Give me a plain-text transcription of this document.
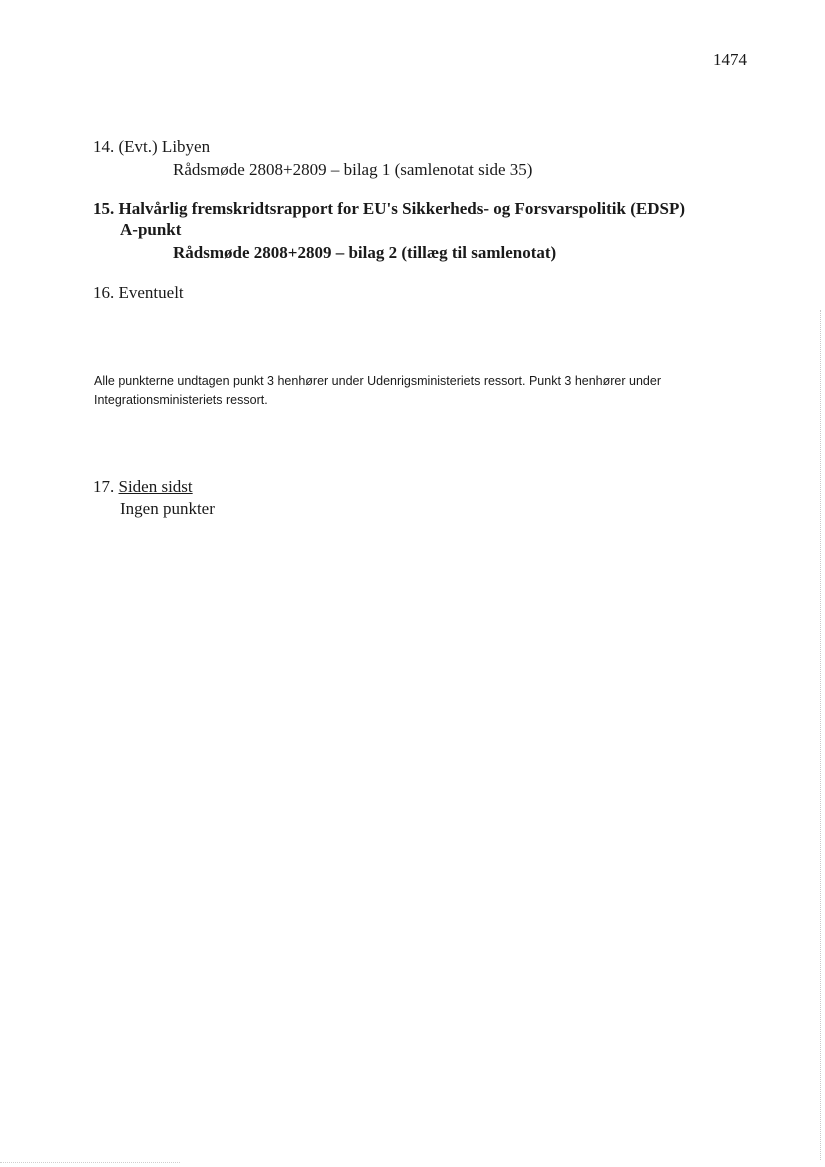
1474
14. (Evt.) Libyen
Rådsmøde 2808+2809 – bilag 1 (samlenotat side 35)
15. Halvårlig fremskridtsrapport for EU's Sikkerheds- og Forsvarspolitik (EDSP)
A-punkt
Rådsmøde 2808+2809 – bilag 2 (tillæg til samlenotat)
16. Eventuelt
Alle punkterne undtagen punkt 3 henhører under Udenrigsministeriets ressort. Punkt 3 henhører under Integrationsministeriets ressort.
17. Siden sidst
Ingen punkter
